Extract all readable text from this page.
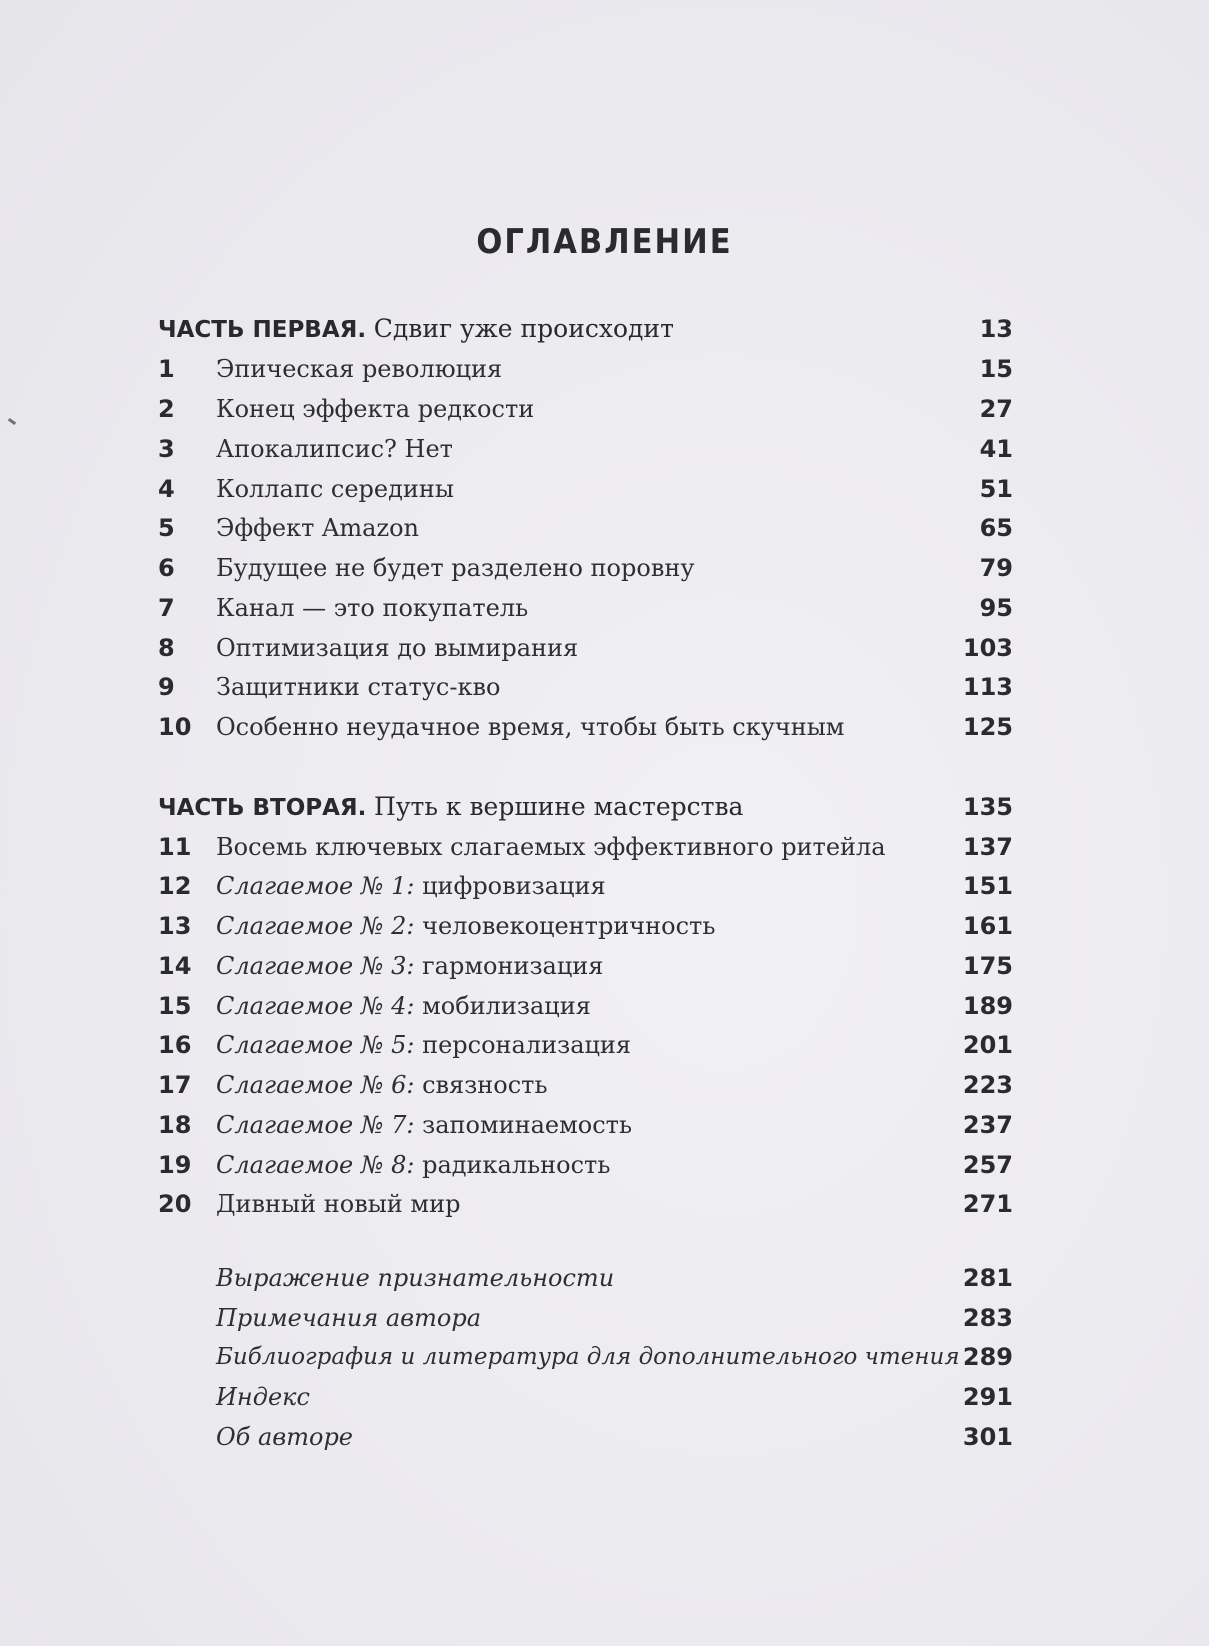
ОГЛАВЛЕНИЕ
ЧАСТЬ ПЕРВАЯ. Сдвиг уже происходит	13
1 Эпическая революция	15
2 Конец эффекта редкости	27
3 Апокалипсис? Нет	41
4 Коллапс середины	51
5 Эффект Amazon	65
6 Будущее не будет разделено поровну	79
7 Канал — это покупатель	95
8 Оптимизация до вымирания	103
9 Защитники статус-кво	113
10 Особенно неудачное время, чтобы быть скучным	125
ЧАСТЬ ВТОРАЯ. Путь к вершине мастерства	135
11 Восемь ключевых слагаемых эффективного ритейла	137
12 Слагаемое № 1: цифровизация	151
13 Слагаемое № 2: человекоцентричность	161
14 Слагаемое № 3: гармонизация	175
15 Слагаемое № 4: мобилизация	189
16 Слагаемое № 5: персонализация	201
17 Слагаемое № 6: связность	223
18 Слагаемое № 7: запоминаемость	237
19 Слагаемое № 8: радикальность	257
20 Дивный новый мир	271
Выражение признательности	281
Примечания автора	283
Библиография и литература для дополнительного чтения 289
Индекс	291
Об авторе	301
